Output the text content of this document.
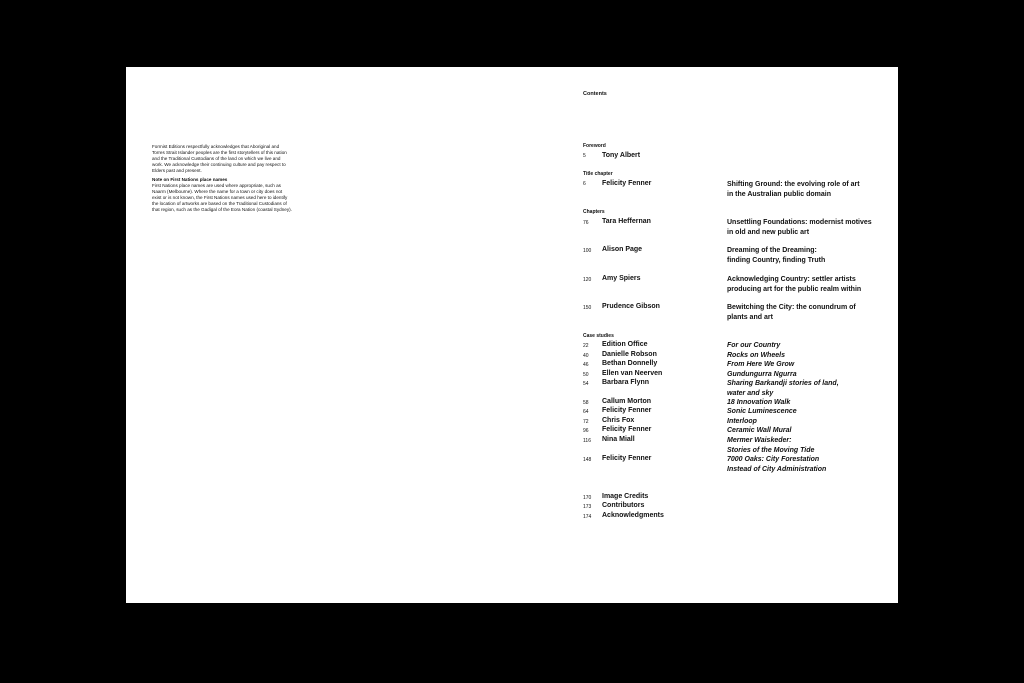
Formist Editions respectfully acknowledges that Aboriginal and Torres Strait Islander peoples are the first storytellers of this nation and the Traditional Custodians of the land on which we live and work. We acknowledge their continuing culture and pay respect to Elders past and present.

Note on First Nations place names

First Nations place names are used where appropriate, such as Naarm (Melbourne). Where the name for a town or city does not exist or is not known, the First Nations names used here to identify the location of artworks are based on the Traditional Custodians of that region, such as the Gadigal of the Eora Nation (coastal Sydney).

Contents
Foreword
5	Tony Albert
Title chapter
6	Felicity Fenner	Shifting Ground: the evolving role of art
in the Australian public domain
Chapters
76	Tara Heffernan	Unsettling Foundations: modernist motives
in old and new public art
100	Alison Page	Dreaming of the Dreaming:
finding Country, finding Truth
120	Amy Spiers	Acknowledging Country: settler artists
producing art for the public realm within
150	Prudence Gibson	Bewitching the City: the conundrum of
plants and art
Case studies
22	Edition Office	For our Country
40	Danielle Robson	Rocks on Wheels
46	Bethan Donnelly	From Here We Grow
50	Ellen van Neerven	Gundungurra Ngurra
54	Barbara Flynn	Sharing Barkandji stories of land,
water and sky
58	Callum Morton	18 Innovation Walk
64	Felicity Fenner	Sonic Luminescence
72	Chris Fox	Interloop
96	Felicity Fenner	Ceramic Wall Mural
116	Nina Miall	Mermer Waiskeder:
Stories of the Moving Tide
148	Felicity Fenner	7000 Oaks: City Forestation
Instead of City Administration
170	Image Credits
173	Contributors
174	Acknowledgments
